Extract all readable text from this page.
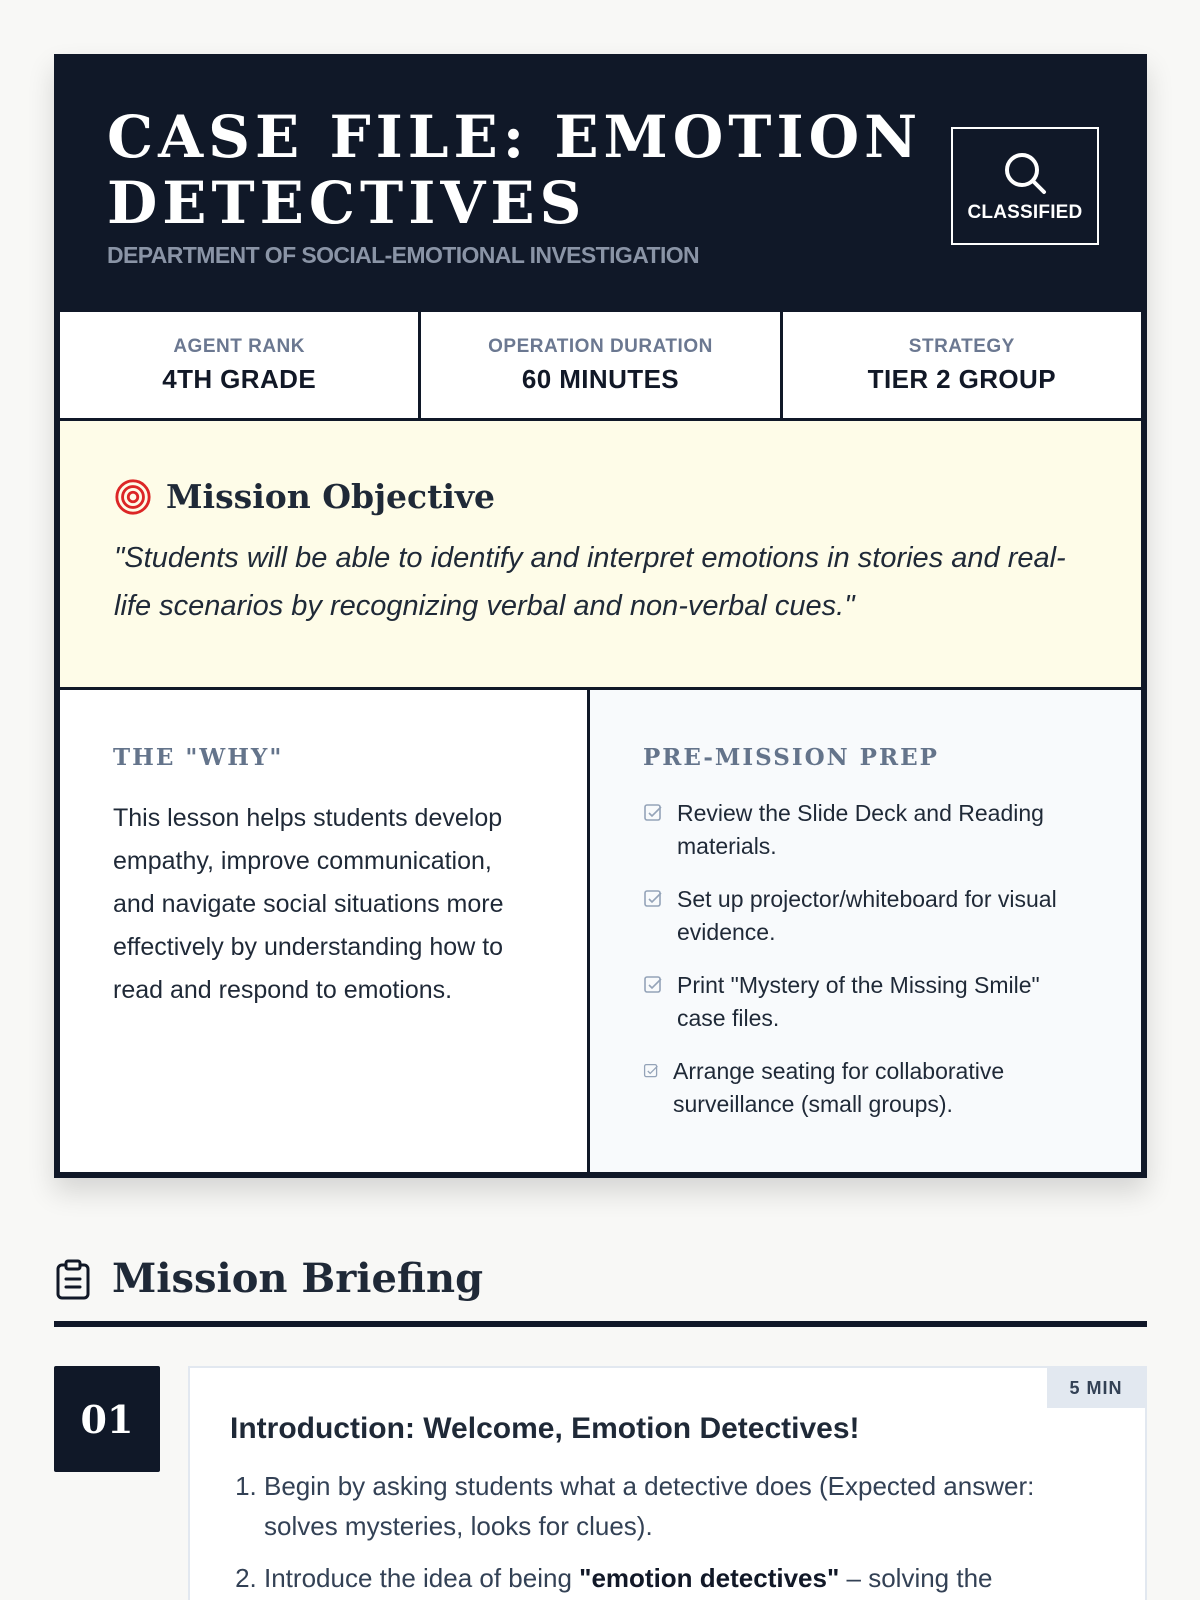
CASE FILE: EMOTION DETECTIVES
DEPARTMENT OF SOCIAL-EMOTIONAL INVESTIGATION
CLASSIFIED
AGENT RANK
4TH GRADE
OPERATION DURATION
60 MINUTES
STRATEGY
TIER 2 GROUP
Mission Objective

"Students will be able to identify and interpret emotions in stories and real-life scenarios by recognizing verbal and non-verbal cues."

THE "WHY"

This lesson helps students develop empathy, improve communication, and navigate social situations more effectively by understanding how to read and respond to emotions.

PRE-MISSION PREP
Review the Slide Deck and Reading materials.
Set up projector/whiteboard for visual evidence.
Print "Mystery of the Missing Smile" case files.
Arrange seating for collaborative surveillance (small groups).
Mission Briefing
01
5 MIN
Introduction: Welcome, Emotion Detectives!
1. Begin by asking students what a detective does (Expected answer: solves mysteries, looks for clues).
2. Introduce the idea of being "emotion detectives" – solving the
